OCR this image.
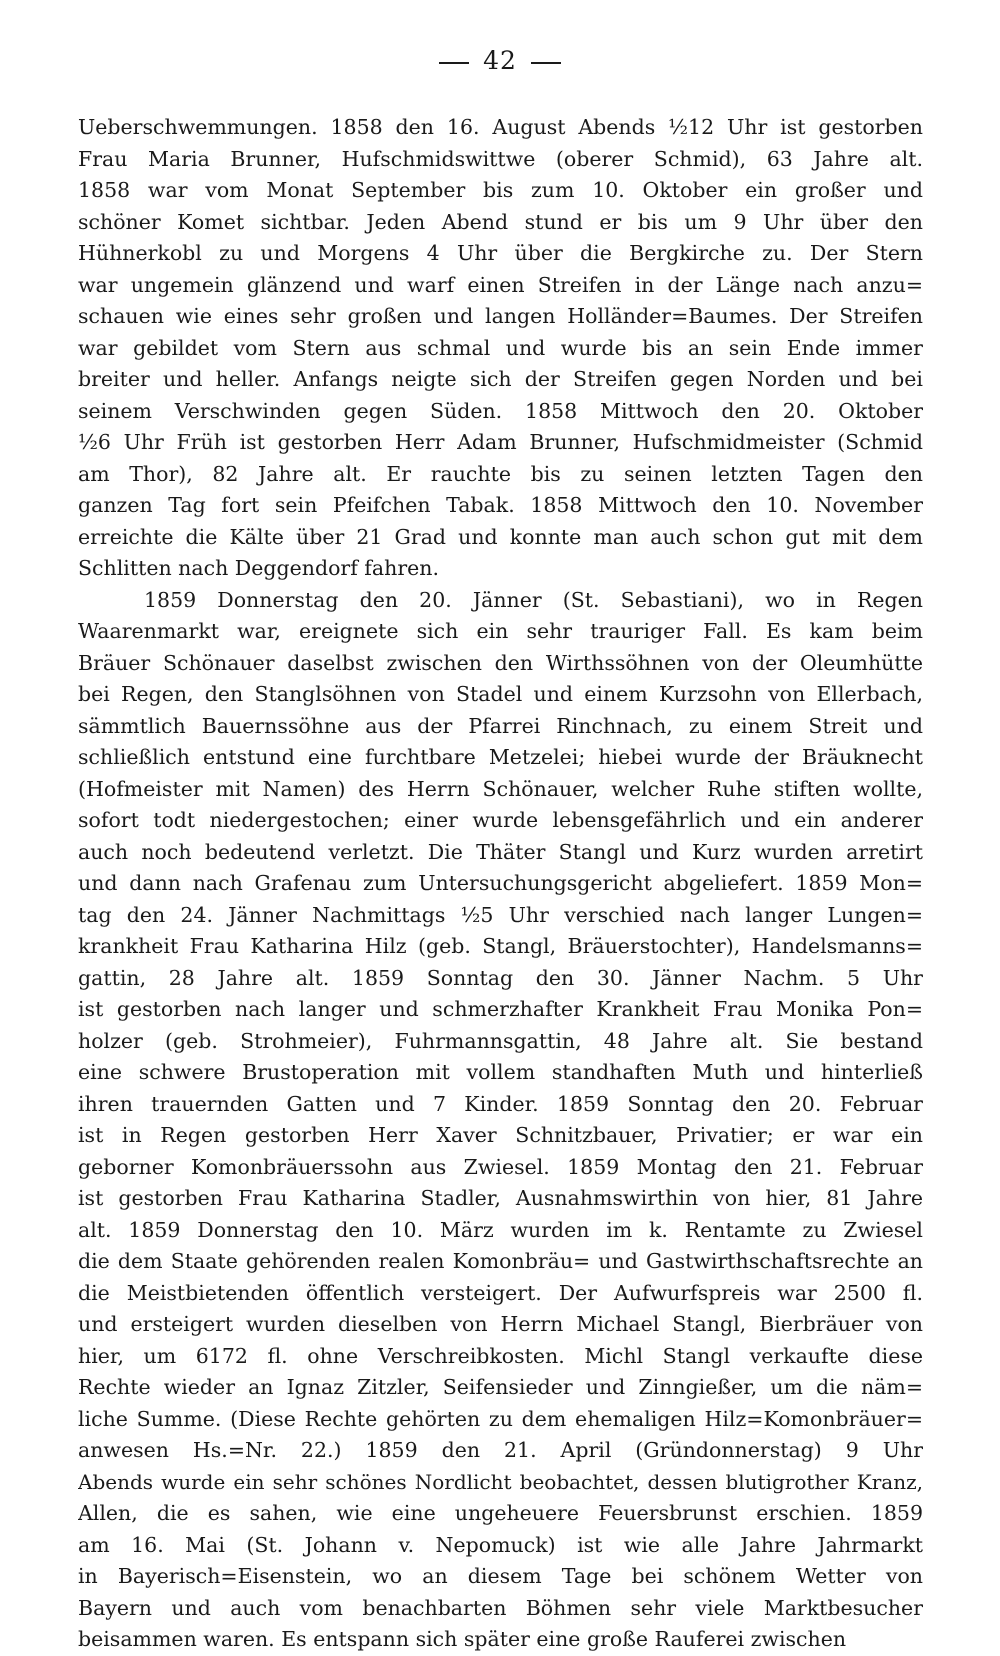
42
Ueberschwemmungen. 1858 den 16. August Abends ½12 Uhr ist gestorben
Frau Maria Brunner, Hufschmidswittwe (oberer Schmid), 63 Jahre alt.
1858 war vom Monat September bis zum 10. Oktober ein großer und
schöner Komet sichtbar. Jeden Abend stund er bis um 9 Uhr über den
Hühnerkobl zu und Morgens 4 Uhr über die Bergkirche zu. Der Stern
war ungemein glänzend und warf einen Streifen in der Länge nach anzu=
schauen wie eines sehr großen und langen Holländer=Baumes. Der Streifen
war gebildet vom Stern aus schmal und wurde bis an sein Ende immer
breiter und heller. Anfangs neigte sich der Streifen gegen Norden und bei
seinem Verschwinden gegen Süden. 1858 Mittwoch den 20. Oktober
½6 Uhr Früh ist gestorben Herr Adam Brunner, Hufschmidmeister (Schmid
am Thor), 82 Jahre alt. Er rauchte bis zu seinen letzten Tagen den
ganzen Tag fort sein Pfeifchen Tabak. 1858 Mittwoch den 10. November
erreichte die Kälte über 21 Grad und konnte man auch schon gut mit dem
Schlitten nach Deggendorf fahren.
1859 Donnerstag den 20. Jänner (St. Sebastiani), wo in Regen
Waarenmarkt war, ereignete sich ein sehr trauriger Fall. Es kam beim
Bräuer Schönauer daselbst zwischen den Wirthssöhnen von der Oleumhütte
bei Regen, den Stanglsöhnen von Stadel und einem Kurzsohn von Ellerbach,
sämmtlich Bauernssöhne aus der Pfarrei Rinchnach, zu einem Streit und
schließlich entstund eine furchtbare Metzelei; hiebei wurde der Bräuknecht
(Hofmeister mit Namen) des Herrn Schönauer, welcher Ruhe stiften wollte,
sofort todt niedergestochen; einer wurde lebensgefährlich und ein anderer
auch noch bedeutend verletzt. Die Thäter Stangl und Kurz wurden arretirt
und dann nach Grafenau zum Untersuchungsgericht abgeliefert. 1859 Mon=
tag den 24. Jänner Nachmittags ½5 Uhr verschied nach langer Lungen=
krankheit Frau Katharina Hilz (geb. Stangl, Bräuerstochter), Handelsmanns=
gattin, 28 Jahre alt. 1859 Sonntag den 30. Jänner Nachm. 5 Uhr
ist gestorben nach langer und schmerzhafter Krankheit Frau Monika Pon=
holzer (geb. Strohmeier), Fuhrmannsgattin, 48 Jahre alt. Sie bestand
eine schwere Brustoperation mit vollem standhaften Muth und hinterließ
ihren trauernden Gatten und 7 Kinder. 1859 Sonntag den 20. Februar
ist in Regen gestorben Herr Xaver Schnitzbauer, Privatier; er war ein
geborner Komonbräuerssohn aus Zwiesel. 1859 Montag den 21. Februar
ist gestorben Frau Katharina Stadler, Ausnahmswirthin von hier, 81 Jahre
alt. 1859 Donnerstag den 10. März wurden im k. Rentamte zu Zwiesel
die dem Staate gehörenden realen Komonbräu= und Gastwirthschaftsrechte an
die Meistbietenden öffentlich versteigert. Der Aufwurfspreis war 2500 fl.
und ersteigert wurden dieselben von Herrn Michael Stangl, Bierbräuer von
hier, um 6172 fl. ohne Verschreibkosten. Michl Stangl verkaufte diese
Rechte wieder an Ignaz Zitzler, Seifensieder und Zinngießer, um die näm=
liche Summe. (Diese Rechte gehörten zu dem ehemaligen Hilz=Komonbräuer=
anwesen Hs.=Nr. 22.) 1859 den 21. April (Gründonnerstag) 9 Uhr
Abends wurde ein sehr schönes Nordlicht beobachtet, dessen blutigrother Kranz,
Allen, die es sahen, wie eine ungeheuere Feuersbrunst erschien. 1859
am 16. Mai (St. Johann v. Nepomuck) ist wie alle Jahre Jahrmarkt
in Bayerisch=Eisenstein, wo an diesem Tage bei schönem Wetter von
Bayern und auch vom benachbarten Böhmen sehr viele Marktbesucher
beisammen waren. Es entspann sich später eine große Rauferei zwischen
